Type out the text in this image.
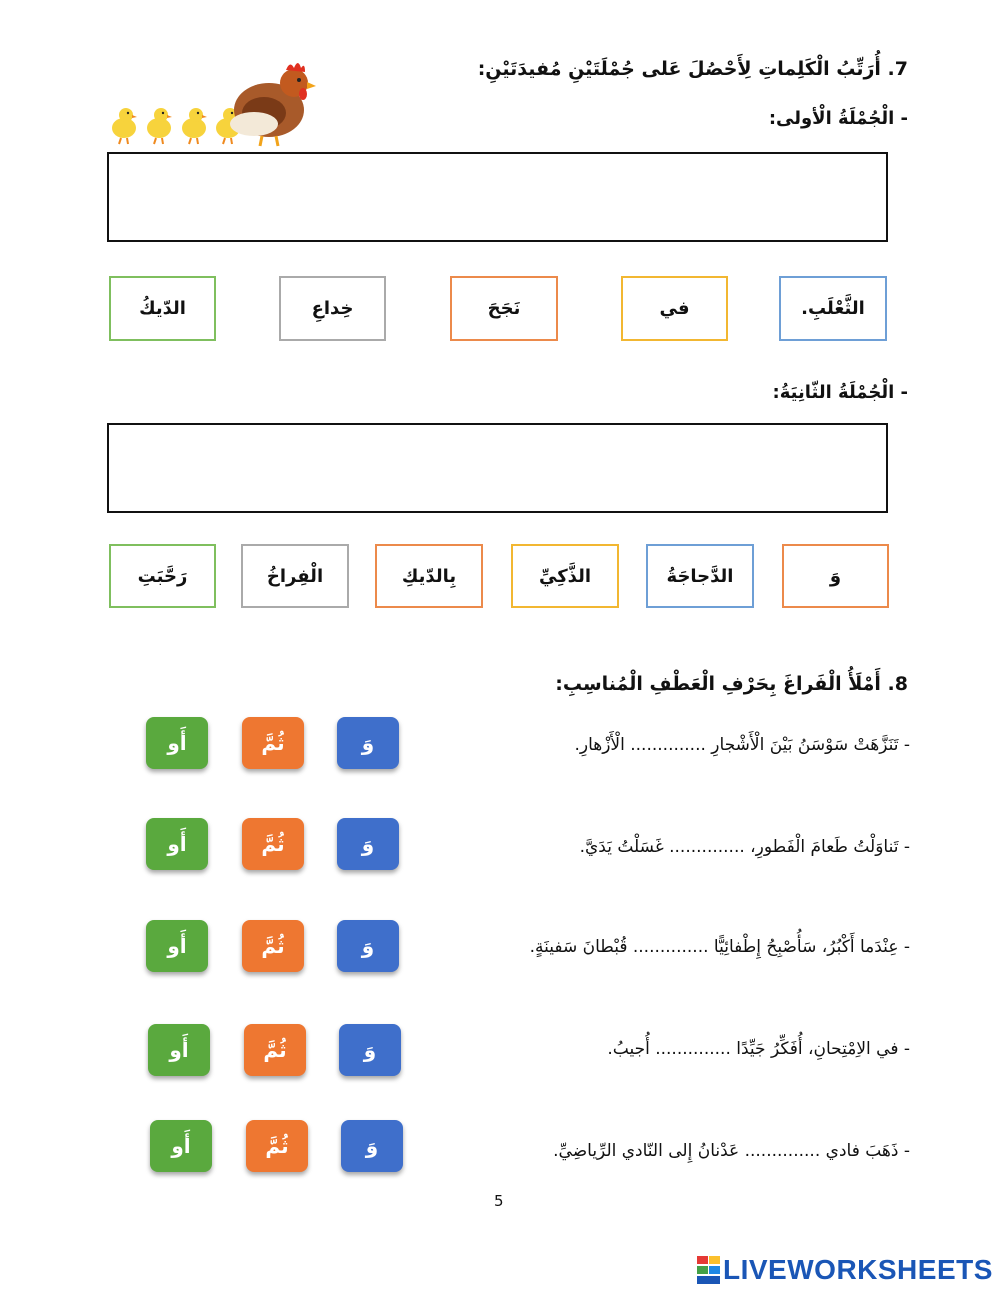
7. أُرَتِّبُ الْكَلِماتِ لِأَحْصُلَ عَلى جُمْلَتَيْنِ مُفيدَتَيْنِ:
- الْجُمْلَةُ الْأولى:
الدّيكُ	خِداعِ	نَجَحَ	في	الثَّعْلَبِ.
- الْجُمْلَةُ الثّانِيَةُ:
رَحَّبَتِ	الْفِراخُ	بِالدّيكِ	الذَّكِيِّ	الدَّجاجَةُ	وَ
8. أَمْلَأُ الْفَراغَ بِحَرْفِ الْعَطْفِ الْمُناسِبِ:
- تَنَزَّهَتْ سَوْسَنُ بَيْنَ الْأَشْجارِ .............. الْأَزْهارِ.
أَو	ثُمَّ	وَ
- تَناوَلْتُ طَعامَ الْفَطورِ، .............. غَسَلْتُ يَدَيَّ.
أَو	ثُمَّ	وَ
- عِنْدَما أَكْبُرُ، سَأُصْبِحُ إِطْفائِيًّا .............. قُبْطانَ سَفينَةٍ.
أَو	ثُمَّ	وَ
- في الاِمْتِحانِ، أُفَكِّرُ جَيِّدًا .............. أُجيبُ.
أَو	ثُمَّ	وَ
- ذَهَبَ فادي .............. عَدْنانُ إِلى النّادي الرِّياضِيِّ.
أَو	ثُمَّ	وَ
5
LIVEWORKSHEETS
